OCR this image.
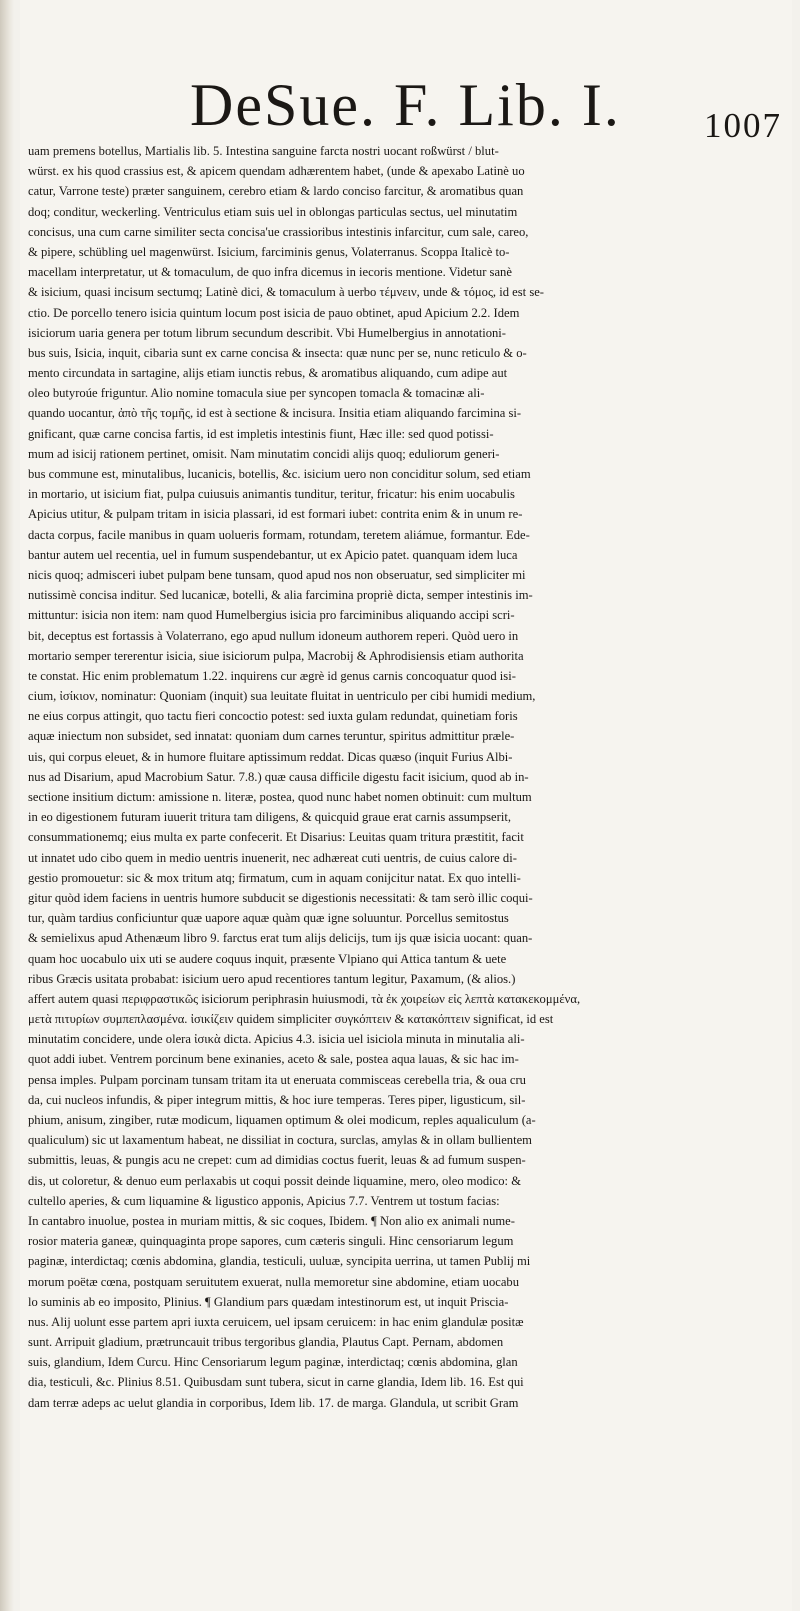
DeSue. F. Lib. I. 1007
uam premens botellus, Martialis lib. 5. Intestina sanguine farcta nostri uocant roßwürst / blut-
würst. ex his quod crassius est, & apicem quendam adhærentem habet, (unde & apexabo Latinè uo
catur, Varrone teste) præter sanguinem, cerebro etiam & lardo conciso farcitur, & aromatibus quan
doq; conditur, weckerling. Ventriculus etiam suis uel in oblongas particulas sectus, uel minutatim
concisus, una cum carne similiter secta concisa'ue crassioribus intestinis infarcitur, cum sale, careo,
& pipere, schübling uel magenwürst. Isicium, farciminis genus, Volaterranus. Scoppa Italicè to-
macellam interpretatur, ut & tomaculum, de quo infra dicemus in iecoris mentione. Videtur sanè
& isicium, quasi incisum sectumq; Latinè dici, & tomaculum à uerbo τέμνειν, unde & τόμος, id est se-
ctio. De porcello tenero isicia quintum locum post isicia de pauo obtinet, apud Apicium 2.2. Idem
isiciorum uaria genera per totum librum secundum describit. Vbi Humelbergius in annotationi-
bus suis, Isicia, inquit, cibaria sunt ex carne concisa & insecta: quæ nunc per se, nunc reticulo & o-
mento circundata in sartagine, alijs etiam iunctis rebus, & aromatibus aliquando, cum adipe aut
oleo butyroúe friguntur. Alio nomine tomacula siue per syncopen tomacla & tomacinæ ali-
quando uocantur, ἀπὸ τῆς τομῆς, id est à sectione & incisura. Insitia etiam aliquando farcimina si-
gnificant, quæ carne concisa fartis, id est impletis intestinis fiunt, Hæc ille: sed quod potissi-
mum ad isicij rationem pertinet, omisit. Nam minutatim concidi alijs quoq; eduliorum generi-
bus commune est, minutalibus, lucanicis, botellis, &c. isicium uero non conciditur solum, sed etiam
in mortario, ut isicium fiat, pulpa cuiusuis animantis tunditur, teritur, fricatur: his enim uocabulis
Apicius utitur, & pulpam tritam in isicia plassari, id est formari iubet: contrita enim & in unum re-
dacta corpus, facile manibus in quam uolueris formam, rotundam, teretem aliámue, formantur. Ede-
bantur autem uel recentia, uel in fumum suspendebantur, ut ex Apicio patet. quanquam idem luca
nicis quoq; admisceri iubet pulpam bene tunsam, quod apud nos non obseruatur, sed simpliciter mi
nutissimè concisa inditur. Sed lucanicæ, botelli, & alia farcimina propriè dicta, semper intestinis im-
mittuntur: isicia non item: nam quod Humelbergius isicia pro farciminibus aliquando accipi scri-
bit, deceptus est fortassis à Volaterrano, ego apud nullum idoneum authorem reperi. Quòd uero in
mortario semper tererentur isicia, siue isiciorum pulpa, Macrobij & Aphrodisiensis etiam authorita
te constat. Hic enim problematum 1.22. inquirens cur ægrè id genus carnis concoquatur quod isi-
cium, ἰσίκιον, nominatur: Quoniam (inquit) sua leuitate fluitat in uentriculo per cibi humidi medium,
ne eius corpus attingit, quo tactu fieri concoctio potest: sed iuxta gulam redundat, quinetiam foris
aquæ iniectum non subsidet, sed innatat: quoniam dum carnes teruntur, spiritus admittitur præle-
uis, qui corpus eleuet, & in humore fluitare aptissimum reddat. Dicas quæso (inquit Furius Albi-
nus ad Disarium, apud Macrobium Satur. 7.8.) quæ causa difficile digestu facit isicium, quod ab in-
sectione insitium dictum: amissione n. literæ, postea, quod nunc habet nomen obtinuit: cum multum
in eo digestionem futuram iuuerit tritura tam diligens, & quicquid graue erat carnis assumpserit,
consummationemq; eius multa ex parte confecerit. Et Disarius: Leuitas quam tritura præstitit, facit
ut innatet udo cibo quem in medio uentris inuenerit, nec adhæreat cuti uentris, de cuius calore di-
gestio promouetur: sic & mox tritum atq; firmatum, cum in aquam conijcitur natat. Ex quo intelli-
gitur quòd idem faciens in uentris humore subducit se digestionis necessitati: & tam serò illic coqui-
tur, quàm tardius conficiuntur quæ uapore aquæ quàm quæ igne soluuntur. Porcellus semitostus
& semielixus apud Athenæum libro 9. farctus erat tum alijs delicijs, tum ijs quæ isicia uocant: quan-
quam hoc uocabulo uix uti se audere coquus inquit, præsente Vlpiano qui Attica tantum & uete
ribus Græcis usitata probabat: isicium uero apud recentiores tantum legitur, Paxamum, (& alios.)
affert autem quasi περιφραστικῶς isiciorum periphrasin huiusmodi, τὰ ἐκ χοιρείων εἰς λεπτὰ κατακεκομμένα,
μετὰ πιτυρίων συμπεπλασμένα. ἰσικίζειν quidem simpliciter συγκόπτειν & κατακόπτειν significat, id est
minutatim concidere, unde olera ἰσικὰ dicta. Apicius 4.3. isicia uel isiciola minuta in minutalia ali-
quot addi iubet. Ventrem porcinum bene exinanies, aceto & sale, postea aqua lauas, & sic hac im-
pensa imples. Pulpam porcinam tunsam tritam ita ut eneruata commisceas cerebella tria, & oua cru
da, cui nucleos infundis, & piper integrum mittis, & hoc iure temperas. Teres piper, ligusticum, sil-
phium, anisum, zingiber, rutæ modicum, liquamen optimum & olei modicum, reples aqualiculum (a-
qualiculum) sic ut laxamentum habeat, ne dissiliat in coctura, surclas, amylas & in ollam bullientem
submittis, leuas, & pungis acu ne crepet: cum ad dimidias coctus fuerit, leuas & ad fumum suspen-
dis, ut coloretur, & denuo eum perlaxabis ut coqui possit deinde liquamine, mero, oleo modico: &
cultello aperies, & cum liquamine & ligustico apponis, Apicius 7.7. Ventrem ut tostum facias:
In cantabro inuolue, postea in muriam mittis, & sic coques, Ibidem. ¶ Non alio ex animali nume-
rosior materia ganeæ, quinquaginta prope sapores, cum cæteris singuli. Hinc censoriarum legum
paginæ, interdictaq; cœnis abdomina, glandia, testiculi, uuluæ, syncipita uerrina, ut tamen Publij mi
morum poëtæ cœna, postquam seruitutem exuerat, nulla memoretur sine abdomine, etiam uocabu
lo suminis ab eo imposito, Plinius. ¶ Glandium pars quædam intestinorum est, ut inquit Priscia-
nus. Alij uolunt esse partem apri iuxta ceruicem, uel ipsam ceruicem: in hac enim glandulæ positæ
sunt. Arripuit gladium, prætruncauit tribus tergoribus glandia, Plautus Capt. Pernam, abdomen
suis, glandium, Idem Curcu. Hinc Censoriarum legum paginæ, interdictaq; cœnis abdomina, glan
dia, testiculi, &c. Plinius 8.51. Quibusdam sunt tubera, sicut in carne glandia, Idem lib. 16. Est qui
dam terræ adeps ac uelut glandia in corporibus, Idem lib. 17. de marga. Glandula, ut scribit Gram
